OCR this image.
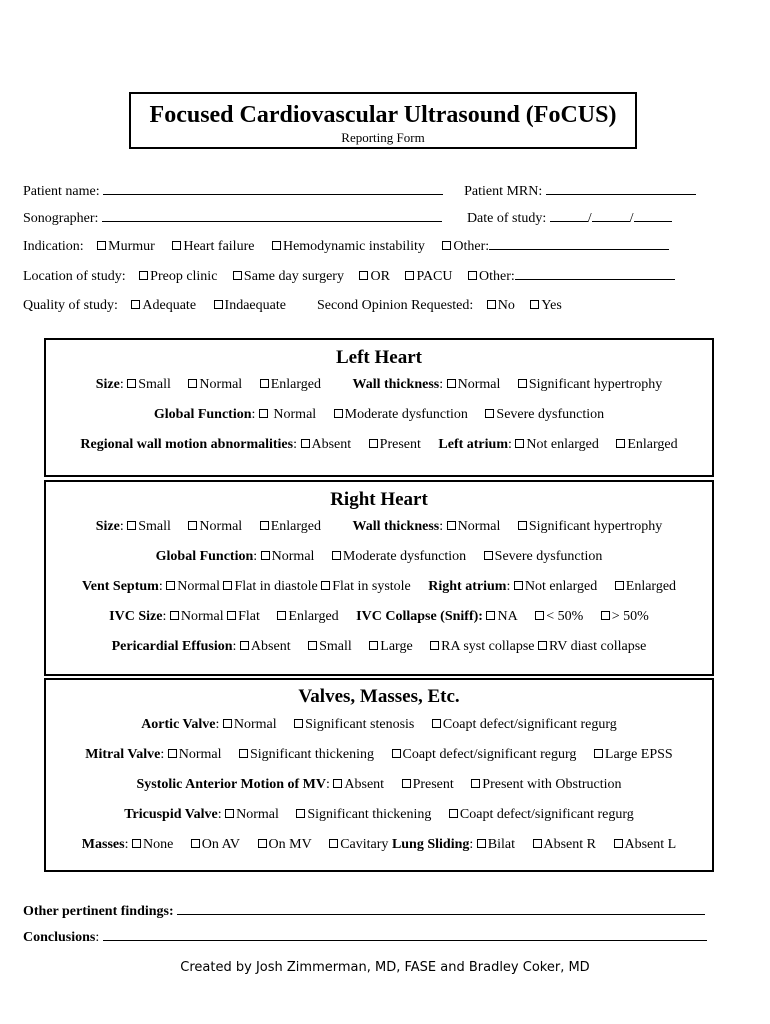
Focused Cardiovascular Ultrasound (FoCUS)
Reporting Form
Patient name:	Patient MRN:
Sonographer:	Date of study:	/	/
Indication: Murmur Heart failure Hemodynamic instability Other:
Location of study: Preop clinic Same day surgery OR PACU Other:
Quality of study: Adequate Indaequate Second Opinion Requested: No Yes
Left Heart
Size: Small Normal Enlarged Wall thickness: Normal Significant hypertrophy
Global Function:  Normal Moderate dysfunction Severe dysfunction
Regional wall motion abnormalities: Absent Present Left atrium: Not enlarged Enlarged
Right Heart
Size: Small Normal Enlarged Wall thickness: Normal Significant hypertrophy
Global Function: Normal Moderate dysfunction Severe dysfunction
Vent Septum: Normal Flat in diastole Flat in systole Right atrium: Not enlarged Enlarged
IVC Size: Normal Flat Enlarged IVC Collapse (Sniff): NA < 50% > 50%
Pericardial Effusion: Absent Small Large RA syst collapse RV diast collapse
Valves, Masses, Etc.
Aortic Valve: Normal Significant stenosis Coapt defect/significant regurg
Mitral Valve: Normal Significant thickening Coapt defect/significant regurg Large EPSS
Systolic Anterior Motion of MV: Absent Present Present with Obstruction
Tricuspid Valve: Normal Significant thickening Coapt defect/significant regurg
Masses: None On AV On MV Cavitary Lung Sliding: Bilat Absent R Absent L
Other pertinent findings:
Conclusions:
Created by Josh Zimmerman, MD, FASE and Bradley Coker, MD
